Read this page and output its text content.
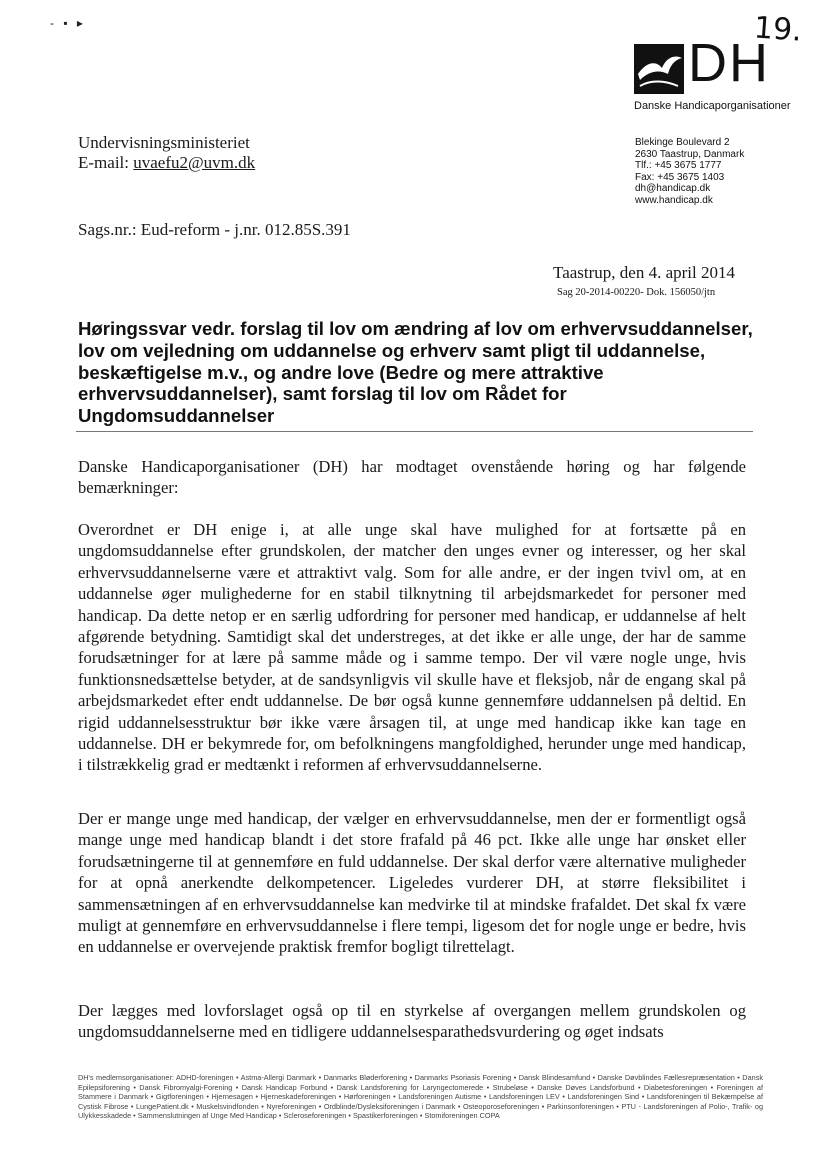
- ▪ ▸	19.
DH
Danske Handicaporganisationer
Blekinge Boulevard 2
2630 Taastrup, Danmark
Tlf.: +45 3675 1777
Fax: +45 3675 1403
dh@handicap.dk
www.handicap.dk
Undervisningsministeriet
E-mail: uvaefu2@uvm.dk
Sags.nr.: Eud-reform - j.nr. 012.85S.391
Taastrup, den 4. april 2014
Sag 20-2014-00220- Dok. 156050/jtn
Høringssvar vedr. forslag til lov om ændring af lov om erhvervsuddannelser, lov om vejledning om uddannelse og erhverv samt pligt til uddannelse, beskæftigelse m.v., og andre love (Bedre og mere attraktive erhvervsuddannelser), samt forslag til lov om Rådet for Ungdomsuddannelser
Danske Handicaporganisationer (DH) har modtaget ovenstående høring og har følgende bemærkninger:
Overordnet er DH enige i, at alle unge skal have mulighed for at fortsætte på en ungdomsuddannelse efter grundskolen, der matcher den unges evner og interesser, og her skal erhvervsuddannelserne være et attraktivt valg. Som for alle andre, er der ingen tvivl om, at en uddannelse øger mulighederne for en stabil tilknytning til arbejdsmarkedet for personer med handicap. Da dette netop er en særlig udfordring for personer med handicap, er uddannelse af helt afgørende betydning. Samtidigt skal det understreges, at det ikke er alle unge, der har de samme forudsætninger for at lære på samme måde og i samme tempo. Der vil være nogle unge, hvis funktionsnedsættelse betyder, at de sandsynligvis vil skulle have et fleksjob, når de engang skal på arbejdsmarkedet efter endt uddannelse. De bør også kunne gennemføre uddannelsen på deltid. En rigid uddannelsesstruktur bør ikke være årsagen til, at unge med handicap ikke kan tage en uddannelse. DH er bekymrede for, om befolkningens mangfoldighed, herunder unge med handicap, i tilstrækkelig grad er medtænkt i reformen af erhvervsuddannelserne.
Der er mange unge med handicap, der vælger en erhvervsuddannelse, men der er formentligt også mange unge med handicap blandt i det store frafald på 46 pct. Ikke alle unge har ønsket eller forudsætningerne til at gennemføre en fuld uddannelse. Der skal derfor være alternative muligheder for at opnå anerkendte delkompetencer. Ligeledes vurderer DH, at større fleksibilitet i sammensætningen af en erhvervsuddannelse kan medvirke til at mindske frafaldet. Det skal fx være muligt at gennemføre en erhvervsuddannelse i flere tempi, ligesom det for nogle unge er bedre, hvis en uddannelse er overvejende praktisk fremfor bogligt tilrettelagt.
Der lægges med lovforslaget også op til en styrkelse af overgangen mellem grundskolen og ungdomsuddannelserne med en tidligere uddannelsesparathedsvurdering og øget indsats
DH's medlemsorganisationer: ADHD-foreningen • Astma-Allergi Danmark • Danmarks Bløderforening • Danmarks Psoriasis Forening • Dansk Blindesamfund • Danske Døvblindes Fællesrepræsentation • Dansk Epilepsiforening • Dansk Fibromyalgi-Forening • Dansk Handicap Forbund • Dansk Landsforening for Laryngectomerede • Strubeløse • Danske Døves Landsforbund • Diabetesforeningen • Foreningen af Stammere i Danmark • Gigtforeningen • Hjernesagen • Hjerneskadeforeningen • Hørforeningen • Landsforeningen Autisme • Landsforeningen LEV • Landsforeningen Sind • Landsforeningen til Bekæmpelse af Cystisk Fibrose • LungePatient.dk • Muskelsvindfonden • Nyreforeningen • Ordblinde/Dysleksiforeningen i Danmark • Osteoporoseforeningen • Parkinsonforeningen • PTU - Landsforeningen af Polio-, Trafik- og Ulykkesskadede • Sammenslutningen af Unge Med Handicap • Scleroseforeningen • Spastikerforeningen • Stomiforeningen COPA
